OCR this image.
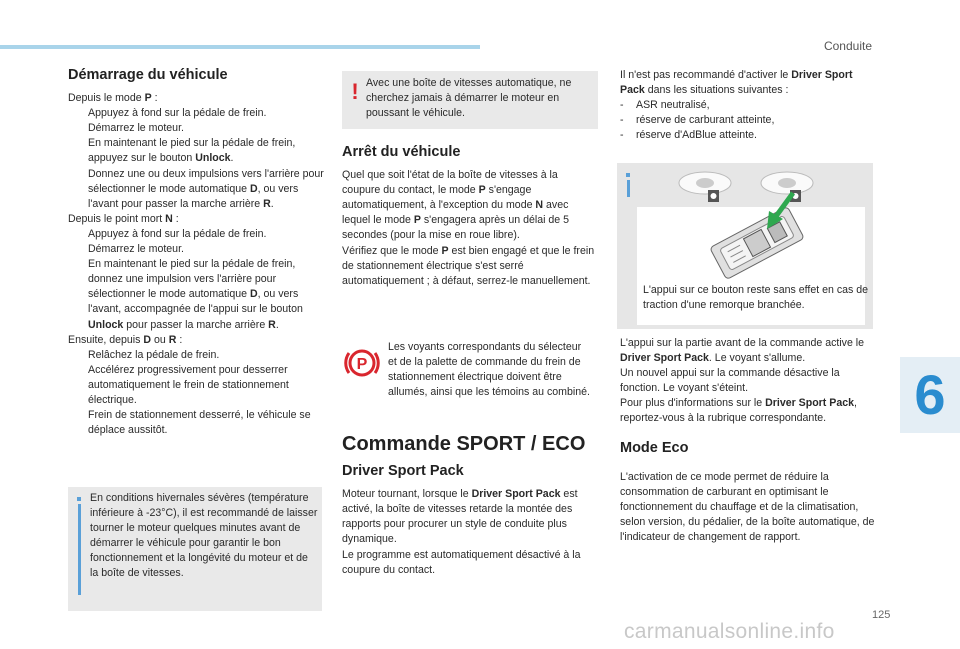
Conduite
6
125
carmanualsonline.info
Démarrage du véhicule

Depuis le mode P :

Appuyez à fond sur la pédale de frein.

Démarrez le moteur.

En maintenant le pied sur la pédale de frein, appuyez sur le bouton Unlock.

Donnez une ou deux impulsions vers l'arrière pour sélectionner le mode automatique D, ou vers l'avant pour passer la marche arrière R.

Depuis le point mort N :

Appuyez à fond sur la pédale de frein.

Démarrez le moteur.

En maintenant le pied sur la pédale de frein, donnez une impulsion vers l'arrière pour sélectionner le mode automatique D, ou vers l'avant, accompagnée de l'appui sur le bouton Unlock pour passer la marche arrière R.

Ensuite, depuis D ou R :

Relâchez la pédale de frein.

Accélérez progressivement pour desserrer automatiquement le frein de stationnement électrique.

Frein de stationnement desserré, le véhicule se déplace aussitôt.

En conditions hivernales sévères (température inférieure à -23°C), il est recommandé de laisser tourner le moteur quelques minutes avant de démarrer le véhicule pour garantir le bon fonctionnement et la longévité du moteur et de la boîte de vitesses.

! Avec une boîte de vitesses automatique, ne cherchez jamais à démarrer le moteur en poussant le véhicule.

Arrêt du véhicule

Quel que soit l'état de la boîte de vitesses à la coupure du contact, le mode P s'engage automatiquement, à l'exception du mode N avec lequel le mode P s'engagera après un délai de 5 secondes (pour la mise en roue libre).

Vérifiez que le mode P est bien engagé et que le frein de stationnement électrique s'est serré automatiquement ; à défaut, serrez-le manuellement.

P

Les voyants correspondants du sélecteur et de la palette de commande du frein de stationnement électrique doivent être allumés, ainsi que les témoins au combiné.

Commande SPORT / ECO
Driver Sport Pack

Moteur tournant, lorsque le Driver Sport Pack est activé, la boîte de vitesses retarde la montée des rapports pour procurer un style de conduite plus dynamique.

Le programme est automatiquement désactivé à la coupure du contact.

Il n'est pas recommandé d'activer le Driver Sport Pack dans les situations suivantes :

- ASR neutralisé,

- réserve de carburant atteinte,

- réserve d'AdBlue atteinte.

L'appui sur ce bouton reste sans effet en cas de traction d'une remorque branchée.

L'appui sur la partie avant de la commande active le Driver Sport Pack. Le voyant s'allume.

Un nouvel appui sur la commande désactive la fonction. Le voyant s'éteint.

Pour plus d'informations sur le Driver Sport Pack, reportez-vous à la rubrique correspondante.

Mode Eco

L'activation de ce mode permet de réduire la consommation de carburant en optimisant le fonctionnement du chauffage et de la climatisation, selon version, du pédalier, de la boîte automatique, de l'indicateur de changement de rapport.
